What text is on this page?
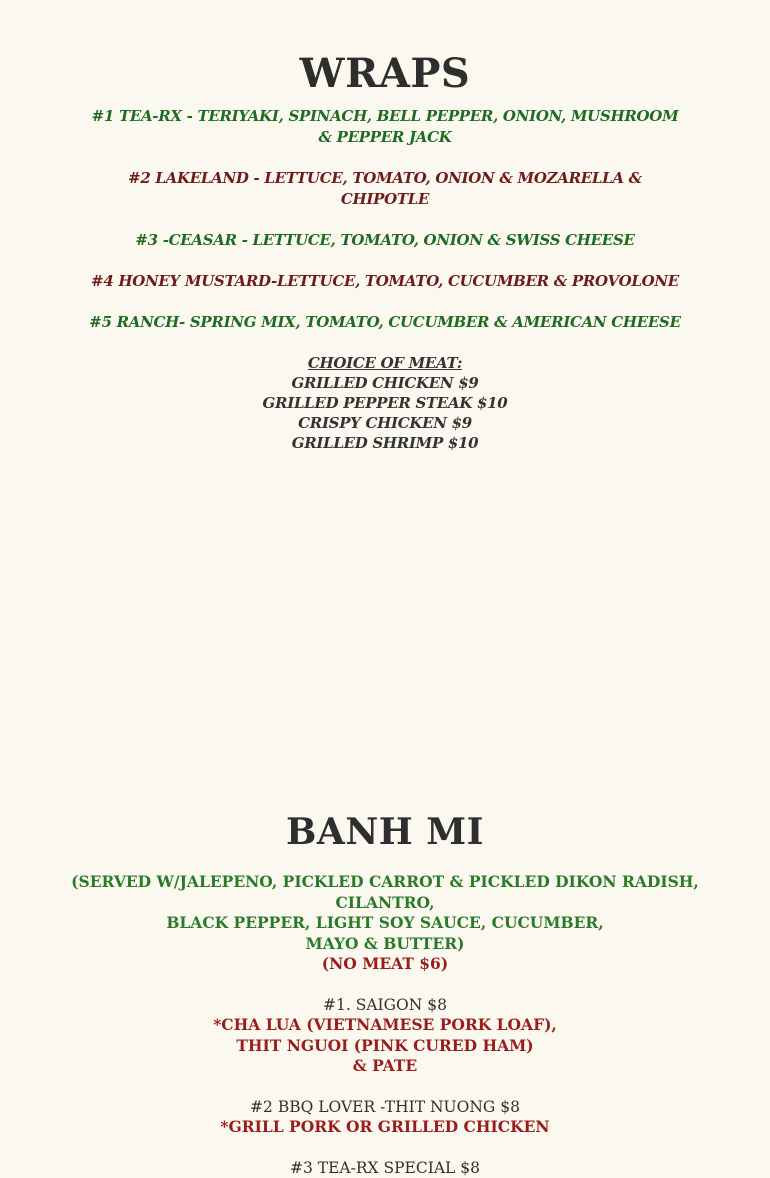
WRAPS
#1 TEA-RX - TERIYAKI, SPINACH, BELL PEPPER, ONION, MUSHROOM & PEPPER JACK
#2 LAKELAND - LETTUCE, TOMATO, ONION & MOZARELLA & CHIPOTLE
#3 -CEASAR - LETTUCE, TOMATO, ONION & SWISS CHEESE
#4 HONEY MUSTARD-LETTUCE, TOMATO, CUCUMBER & PROVOLONE
#5 RANCH- SPRING MIX, TOMATO, CUCUMBER & AMERICAN CHEESE
CHOICE OF MEAT:
GRILLED CHICKEN $9
GRILLED PEPPER STEAK $10
CRISPY CHICKEN $9
GRILLED SHRIMP $10
BANH MI
(SERVED W/JALEPENO, PICKLED CARROT & PICKLED DIKON RADISH, CILANTRO,
BLACK PEPPER, LIGHT SOY SAUCE, CUCUMBER,
MAYO & BUTTER)
(NO MEAT $6)
#1. SAIGON $8
*CHA LUA (VIETNAMESE PORK LOAF),
THIT NGUOI (PINK CURED HAM)
& PATE
#2 BBQ LOVER -THIT NUONG $8
*GRILL PORK OR GRILLED CHICKEN
#3 TEA-RX SPECIAL $8
